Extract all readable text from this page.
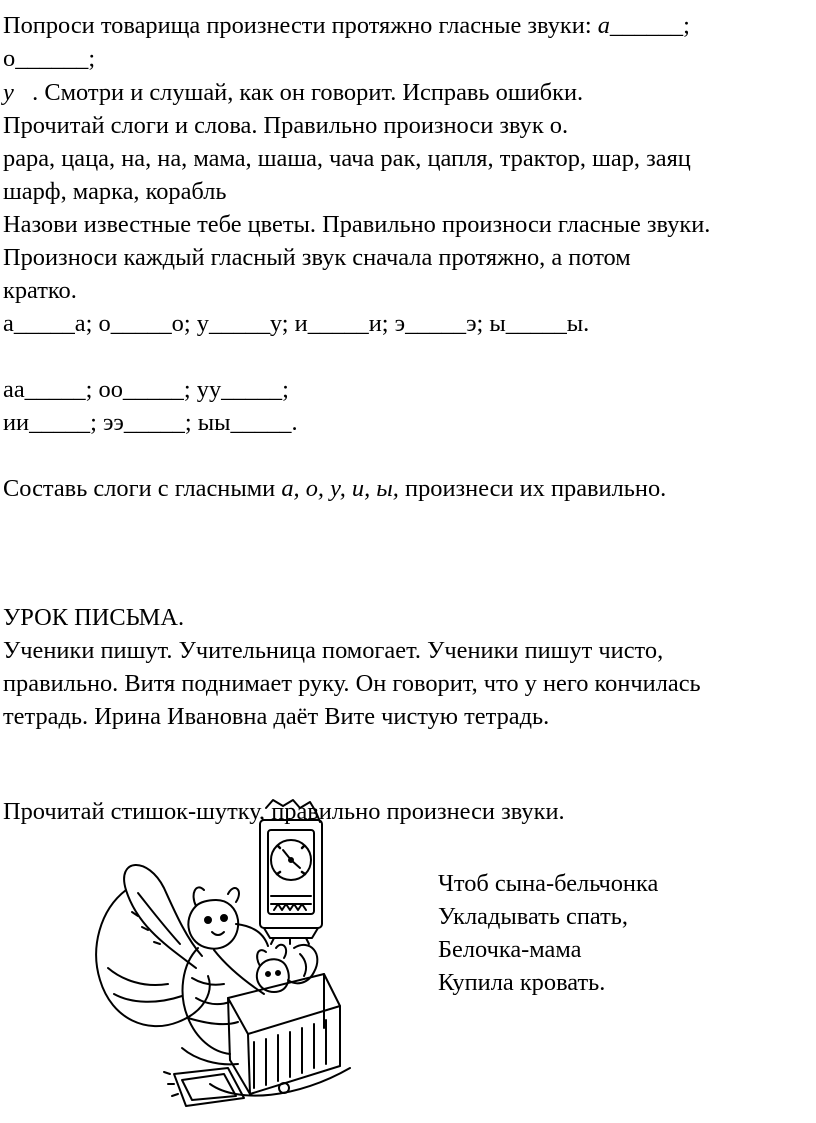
Попроси товарища произнести протяжно гласные звуки: а______;
о______;
у   . Смотри и слушай, как он говорит. Исправь ошибки.
Прочитай слоги и слова. Правильно произноси звук о.
рара, цаца, на, на, мама, шаша, чача рак, цапля, трактор, шар, заяц
шарф, марка, корабль
Назови известные тебе цветы. Правильно произноси гласные звуки.
Произноси каждый гласный звук сначала протяжно, а потом
кратко.
а_____а; о_____о; у_____у; и_____и; э_____э; ы_____ы.
аа_____; оо_____; уу_____;
ии_____; ээ_____; ыы_____.
Составь слоги с гласными а, о, у, и, ы, произнеси их правильно.
УРОК ПИСЬМА.
Ученики пишут. Учительница помогает. Ученики пишут чисто,
правильно. Витя поднимает руку. Он говорит, что у него кончилась
тетрадь. Ирина Ивановна даёт Вите чистую тетрадь.
Прочитай стишок-шутку, правильно произнеси звуки.
Чтоб сына-бельчонка
Укладывать спать,
Белочка-мама
Купила кровать.
